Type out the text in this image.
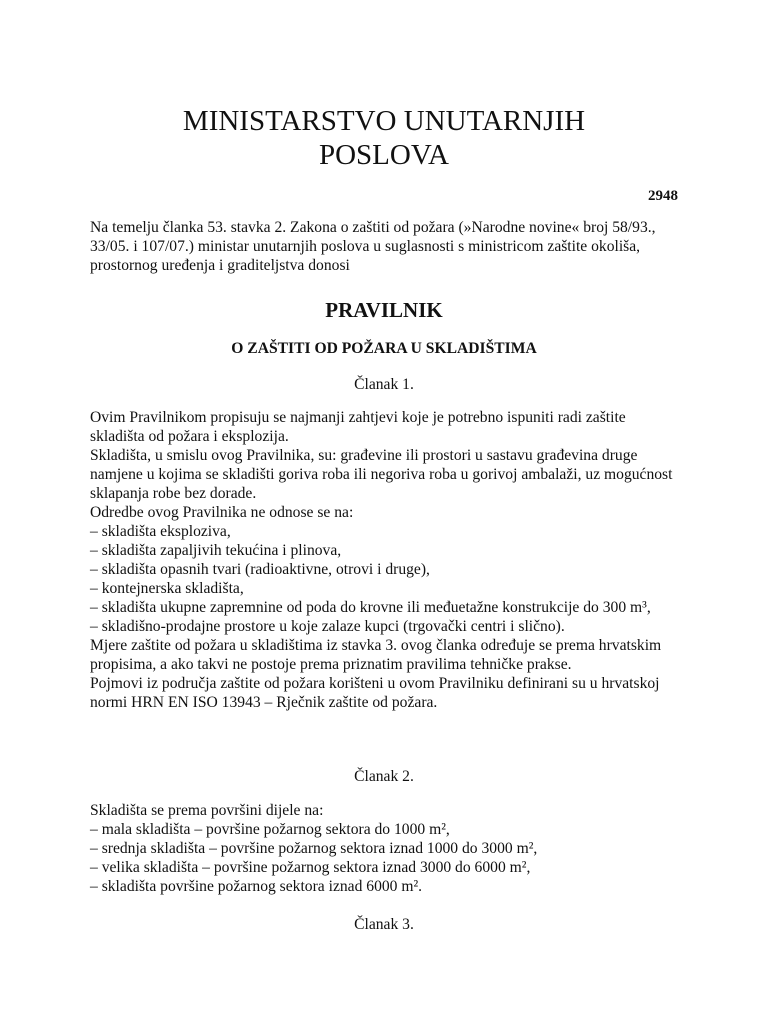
MINISTARSTVO UNUTARNJIH
POSLOVA

2948

Na temelju članka 53. stavka 2. Zakona o zaštiti od požara (»Narodne novine« broj 58/93., 33/05. i 107/07.) ministar unutarnjih poslova u suglasnosti s ministricom zaštite okoliša, prostornog uređenja i graditeljstva donosi

PRAVILNIK
O ZAŠTITI OD POŽARA U SKLADIŠTIMA

Članak 1.

Ovim Pravilnikom propisuju se najmanji zahtjevi koje je potrebno ispuniti radi zaštite skladišta od požara i eksplozija.

Skladišta, u smislu ovog Pravilnika, su: građevine ili prostori u sastavu građevina druge namjene u kojima se skladišti goriva roba ili negoriva roba u gorivoj ambalaži, uz mogućnost sklapanja robe bez dorade.

Odredbe ovog Pravilnika ne odnose se na:

– skladišta eksploziva,

– skladišta zapaljivih tekućina i plinova,

– skladišta opasnih tvari (radioaktivne, otrovi i druge),

– kontejnerska skladišta,

– skladišta ukupne zapremnine od poda do krovne ili međuetažne konstrukcije do 300 m³,

– skladišno-prodajne prostore u koje zalaze kupci (trgovački centri i slično).

Mjere zaštite od požara u skladištima iz stavka 3. ovog članka određuje se prema hrvatskim propisima, a ako takvi ne postoje prema priznatim pravilima tehničke prakse.

Pojmovi iz područja zaštite od požara korišteni u ovom Pravilniku definirani su u hrvatskoj normi HRN EN ISO 13943 – Rječnik zaštite od požara.

Članak 2.

Skladišta se prema površini dijele na:

– mala skladišta – površine požarnog sektora do 1000 m²,

– srednja skladišta – površine požarnog sektora iznad 1000 do 3000 m²,

– velika skladišta – površine požarnog sektora iznad 3000 do 6000 m²,

– skladišta površine požarnog sektora iznad 6000 m².

Članak 3.
